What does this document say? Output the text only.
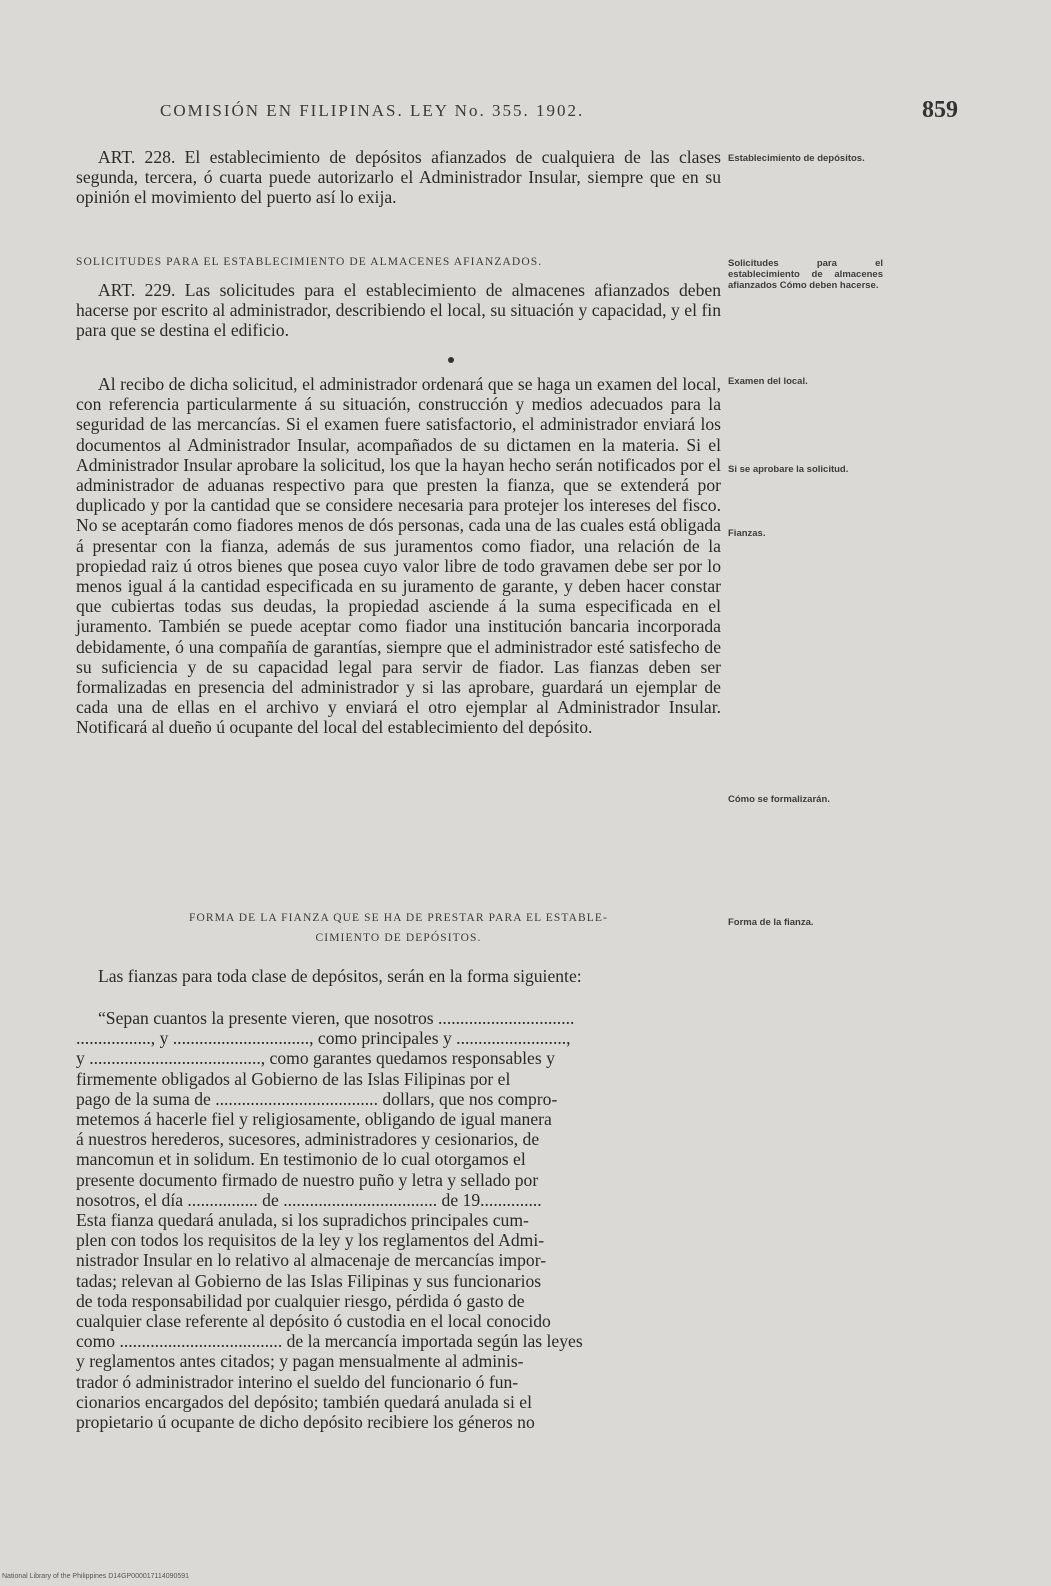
COMISIÓN EN FILIPINAS. LEY No. 355. 1902.	859

ART. 228. El establecimiento de depósitos afianzados de cualquiera de las clases segunda, tercera, ó cuarta puede autorizarlo el Administrador Insular, siempre que en su opinión el movimiento del puerto así lo exija.

SOLICITUDES PARA EL ESTABLECIMIENTO DE ALMACENES AFIANZADOS.

ART. 229. Las solicitudes para el establecimiento de almacenes afianzados deben hacerse por escrito al administrador, describiendo el local, su situación y capacidad, y el fin para que se destina el edificio.

Al recibo de dicha solicitud, el administrador ordenará que se haga un examen del local, con referencia particularmente á su situación, construcción y medios adecuados para la seguridad de las mercancías. Si el examen fuere satisfactorio, el administrador enviará los documentos al Administrador Insular, acompañados de su dictamen en la materia. Si el Administrador Insular aprobare la solicitud, los que la hayan hecho serán notificados por el administrador de aduanas respectivo para que presten la fianza, que se extenderá por duplicado y por la cantidad que se considere necesaria para protejer los intereses del fisco. No se aceptarán como fiadores menos de dós personas, cada una de las cuales está obligada á presentar con la fianza, además de sus juramentos como fiador, una relación de la propiedad raiz ú otros bienes que posea cuyo valor libre de todo gravamen debe ser por lo menos igual á la cantidad especificada en su juramento de garante, y deben hacer constar que cubiertas todas sus deudas, la propiedad asciende á la suma especificada en el juramento. También se puede aceptar como fiador una institución bancaria incorporada debidamente, ó una compañía de garantías, siempre que el administrador esté satisfecho de su suficiencia y de su capacidad legal para servir de fiador. Las fianzas deben ser formalizadas en presencia del administrador y si las aprobare, guardará un ejemplar de cada una de ellas en el archivo y enviará el otro ejemplar al Administrador Insular. Notificará al dueño ú ocupante del local del establecimiento del depósito.

FORMA DE LA FIANZA QUE SE HA DE PRESTAR PARA EL ESTABLE-
CIMIENTO DE DEPÓSITOS.

Las fianzas para toda clase de depósitos, serán en la forma siguiente:

“Sepan cuantos la presente vieren, que nosotros ...............................
................., y ..............................., como principales y .........................,
y ......................................., como garantes quedamos responsables y
firmemente obligados al Gobierno de las Islas Filipinas por el
pago de la suma de ..................................... dollars, que nos compro-
metemos á hacerle fiel y religiosamente, obligando de igual manera
á nuestros herederos, sucesores, administradores y cesionarios, de
mancomun et in solidum. En testimonio de lo cual otorgamos el
presente documento firmado de nuestro puño y letra y sellado por
nosotros, el día ................ de ................................... de 19..............
Esta fianza quedará anulada, si los supradichos principales cum-
plen con todos los requisitos de la ley y los reglamentos del Admi-
nistrador Insular en lo relativo al almacenaje de mercancías impor-
tadas; relevan al Gobierno de las Islas Filipinas y sus funcionarios
de toda responsabilidad por cualquier riesgo, pérdida ó gasto de
cualquier clase referente al depósito ó custodia en el local conocido
como ..................................... de la mercancía importada según las leyes
y reglamentos antes citados; y pagan mensualmente al adminis-
trador ó administrador interino el sueldo del funcionario ó fun-
cionarios encargados del depósito; también quedará anulada si el
propietario ú ocupante de dicho depósito recibiere los géneros no
Establecimiento de depósitos.
Solicitudes para el establecimiento de almacenes afianzados Cómo deben hacerse.
Examen del local.
Si se aprobare la solicitud.
Fianzas.
Cómo se formalizarán.
Forma de la fianza.
National Library of the Philippines D14GP000017114090591
